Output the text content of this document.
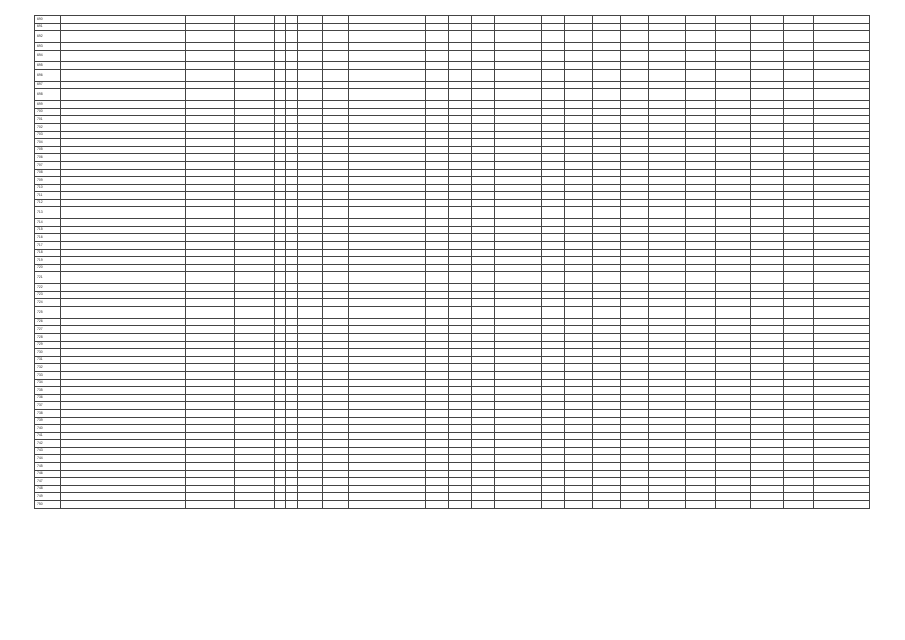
690																						
691																						
692																						
693																						
694																						
695																						
696																						
697																						
698																						
699																						
700																						
701																						
702																						
703																						
704																						
705																						
706																						
707																						
708																						
709																						
710																						
711																						
712																						
713																						
714																						
715																						
716																						
717																						
718																						
719																						
720																						
721																						
722																						
723																						
724																						
725																						
726																						
727																						
728																						
729																						
730																						
731																						
732																						
733																						
734																						
735																						
736																						
737																						
738																						
739																						
740																						
741																						
742																						
743																						
744																						
745																						
746																						
747																						
748																						
749																						
750																						
